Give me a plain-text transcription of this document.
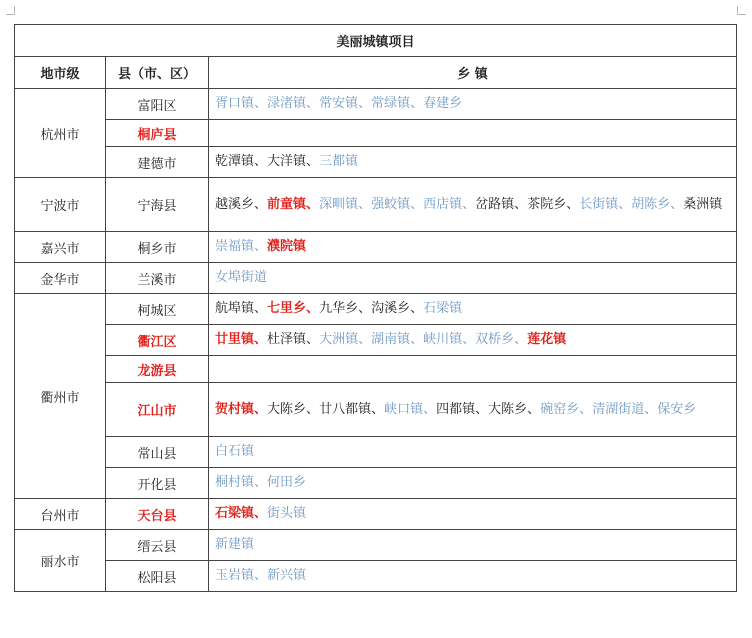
美丽城镇项目		
地市级	县（市、区）	乡 镇
杭州市	富阳区	胥口镇、渌渚镇、常安镇、常绿镇、春建乡
	桐庐县	
	建德市	乾潭镇、大洋镇、三都镇
宁波市	宁海县	越溪乡、前童镇、深甽镇、强蛟镇、西店镇、岔路镇、茶院乡、长街镇、胡陈乡、桑洲镇
嘉兴市	桐乡市	崇福镇、濮院镇
金华市	兰溪市	女埠街道
衢州市	柯城区	航埠镇、七里乡、九华乡、沟溪乡、石梁镇
	衢江区	廿里镇、杜泽镇、大洲镇、湖南镇、峡川镇、双桥乡、莲花镇
	龙游县	
	江山市	贺村镇、大陈乡、廿八都镇、峡口镇、四都镇、大陈乡、碗窑乡、清湖街道、保安乡
	常山县	白石镇
	开化县	桐村镇、何田乡
台州市	天台县	石梁镇、街头镇
丽水市	缙云县	新建镇
	松阳县	玉岩镇、新兴镇
